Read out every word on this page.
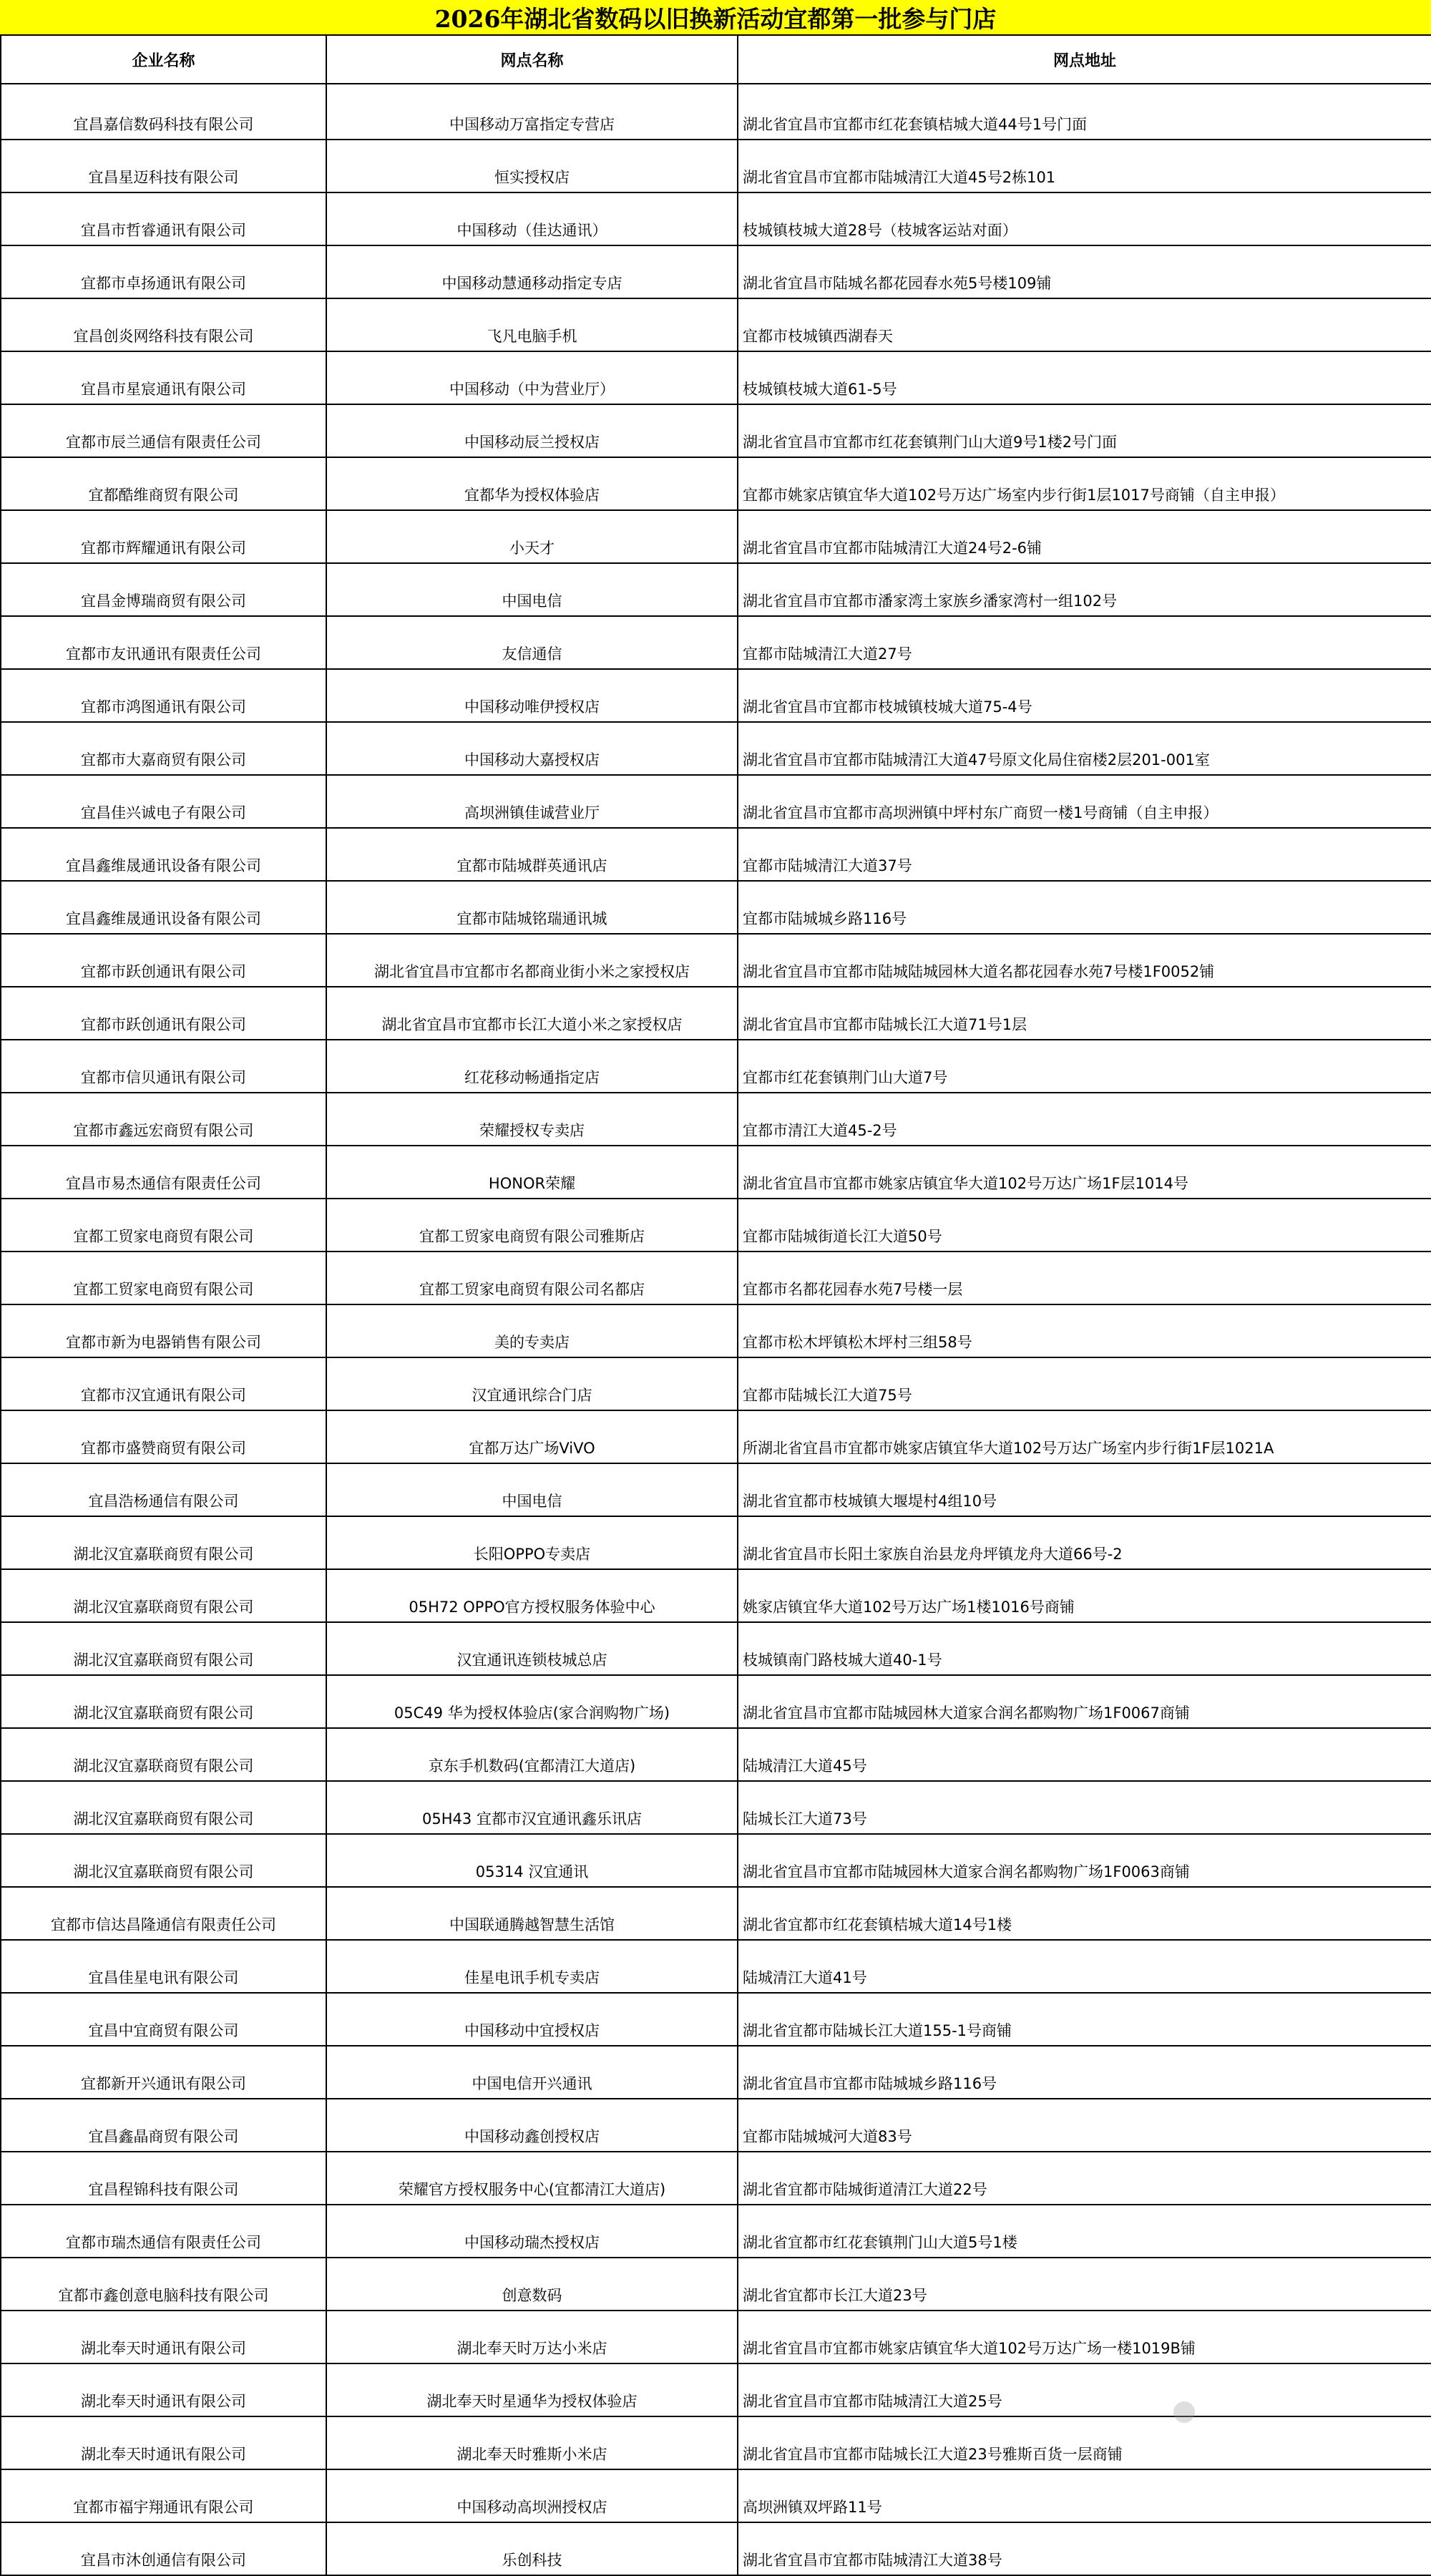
2026年湖北省数码以旧换新活动宜都第一批参与门店
企业名称	网点名称	网点地址
宜昌嘉信数码科技有限公司	中国移动万富指定专营店	湖北省宜昌市宜都市红花套镇桔城大道44号1号门面
宜昌星迈科技有限公司	恒实授权店	湖北省宜昌市宜都市陆城清江大道45号2栋101
宜昌市哲睿通讯有限公司	中国移动（佳达通讯）	枝城镇枝城大道28号（枝城客运站对面）
宜都市卓扬通讯有限公司	中国移动慧通移动指定专店	湖北省宜昌市陆城名都花园春水苑5号楼109铺
宜昌创炎网络科技有限公司	飞凡电脑手机	宜都市枝城镇西湖春天
宜昌市星宸通讯有限公司	中国移动（中为营业厅）	枝城镇枝城大道61-5号
宜都市辰兰通信有限责任公司	中国移动辰兰授权店	湖北省宜昌市宜都市红花套镇荆门山大道9号1楼2号门面
宜都酷维商贸有限公司	宜都华为授权体验店	宜都市姚家店镇宜华大道102号万达广场室内步行街1层1017号商铺（自主申报）
宜都市辉耀通讯有限公司	小天才	湖北省宜昌市宜都市陆城清江大道24号2-6铺
宜昌金博瑞商贸有限公司	中国电信	湖北省宜昌市宜都市潘家湾土家族乡潘家湾村一组102号
宜都市友讯通讯有限责任公司	友信通信	宜都市陆城清江大道27号
宜都市鸿图通讯有限公司	中国移动唯伊授权店	湖北省宜昌市宜都市枝城镇枝城大道75-4号
宜都市大嘉商贸有限公司	中国移动大嘉授权店	湖北省宜昌市宜都市陆城清江大道47号原文化局住宿楼2层201-001室
宜昌佳兴诚电子有限公司	高坝洲镇佳诚营业厅	湖北省宜昌市宜都市高坝洲镇中坪村东广商贸一楼1号商铺（自主申报）
宜昌鑫维晟通讯设备有限公司	宜都市陆城群英通讯店	宜都市陆城清江大道37号
宜昌鑫维晟通讯设备有限公司	宜都市陆城铭瑞通讯城	宜都市陆城城乡路116号
宜都市跃创通讯有限公司	湖北省宜昌市宜都市名都商业街小米之家授权店	湖北省宜昌市宜都市陆城陆城园林大道名都花园春水苑7号楼1F0052铺
宜都市跃创通讯有限公司	湖北省宜昌市宜都市长江大道小米之家授权店	湖北省宜昌市宜都市陆城长江大道71号1层
宜都市信贝通讯有限公司	红花移动畅通指定店	宜都市红花套镇荆门山大道7号
宜都市鑫远宏商贸有限公司	荣耀授权专卖店	宜都市清江大道45-2号
宜昌市易杰通信有限责任公司	HONOR荣耀	湖北省宜昌市宜都市姚家店镇宜华大道102号万达广场1F层1014号
宜都工贸家电商贸有限公司	宜都工贸家电商贸有限公司雅斯店	宜都市陆城街道长江大道50号
宜都工贸家电商贸有限公司	宜都工贸家电商贸有限公司名都店	宜都市名都花园春水苑7号楼一层
宜都市新为电器销售有限公司	美的专卖店	宜都市松木坪镇松木坪村三组58号
宜都市汉宜通讯有限公司	汉宜通讯综合门店	宜都市陆城长江大道75号
宜都市盛赞商贸有限公司	宜都万达广场ViVO	所湖北省宜昌市宜都市姚家店镇宜华大道102号万达广场室内步行街1F层1021A
宜昌浩杨通信有限公司	中国电信	湖北省宜都市枝城镇大堰堤村4组10号
湖北汉宜嘉联商贸有限公司	长阳OPPO专卖店	湖北省宜昌市长阳土家族自治县龙舟坪镇龙舟大道66号-2
湖北汉宜嘉联商贸有限公司	05H72 OPPO官方授权服务体验中心	姚家店镇宜华大道102号万达广场1楼1016号商铺
湖北汉宜嘉联商贸有限公司	汉宜通讯连锁枝城总店	枝城镇南门路枝城大道40-1号
湖北汉宜嘉联商贸有限公司	05C49 华为授权体验店(家合润购物广场)	湖北省宜昌市宜都市陆城园林大道家合润名都购物广场1F0067商铺
湖北汉宜嘉联商贸有限公司	京东手机数码(宜都清江大道店)	陆城清江大道45号
湖北汉宜嘉联商贸有限公司	05H43 宜都市汉宜通讯鑫乐讯店	陆城长江大道73号
湖北汉宜嘉联商贸有限公司	05314 汉宜通讯	湖北省宜昌市宜都市陆城园林大道家合润名都购物广场1F0063商铺
宜都市信达昌隆通信有限责任公司	中国联通腾越智慧生活馆	湖北省宜都市红花套镇桔城大道14号1楼
宜昌佳星电讯有限公司	佳星电讯手机专卖店	陆城清江大道41号
宜昌中宜商贸有限公司	中国移动中宜授权店	湖北省宜都市陆城长江大道155-1号商铺
宜都新开兴通讯有限公司	中国电信开兴通讯	湖北省宜昌市宜都市陆城城乡路116号
宜昌鑫晶商贸有限公司	中国移动鑫创授权店	宜都市陆城城河大道83号
宜昌程锦科技有限公司	荣耀官方授权服务中心(宜都清江大道店)	湖北省宜都市陆城街道清江大道22号
宜都市瑞杰通信有限责任公司	中国移动瑞杰授权店	湖北省宜都市红花套镇荆门山大道5号1楼
宜都市鑫创意电脑科技有限公司	创意数码	湖北省宜都市长江大道23号
湖北奉天时通讯有限公司	湖北奉天时万达小米店	湖北省宜昌市宜都市姚家店镇宜华大道102号万达广场一楼1019B铺
湖北奉天时通讯有限公司	湖北奉天时星通华为授权体验店	湖北省宜昌市宜都市陆城清江大道25号
湖北奉天时通讯有限公司	湖北奉天时雅斯小米店	湖北省宜昌市宜都市陆城长江大道23号雅斯百货一层商铺
宜都市福宇翔通讯有限公司	中国移动高坝洲授权店	高坝洲镇双坪路11号
宜昌市沐创通信有限公司	乐创科技	湖北省宜昌市宜都市陆城清江大道38号
